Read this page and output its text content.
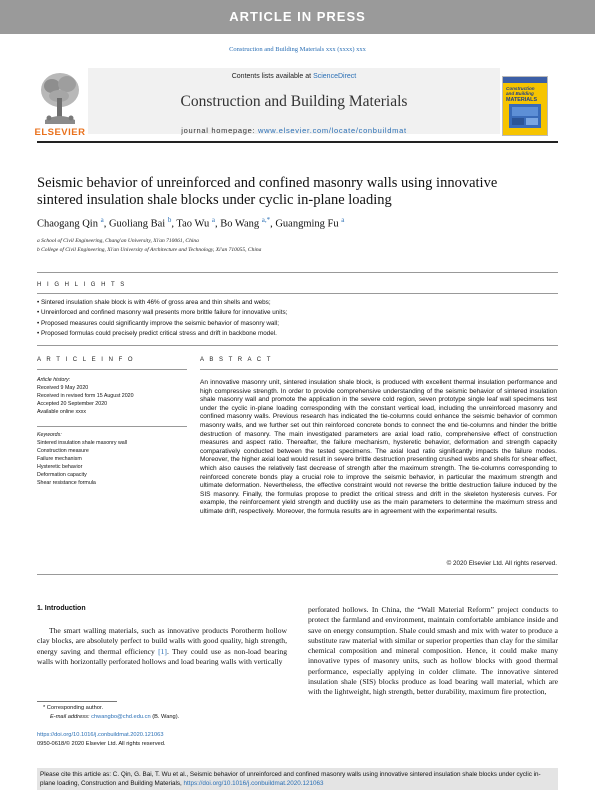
ARTICLE IN PRESS
Construction and Building Materials xxx (xxxx) xxx
Contents lists available at ScienceDirect
Construction and Building Materials
journal homepage: www.elsevier.com/locate/conbuildmat
ELSEVIER
Construction
and Building
MATERIALS
Seismic behavior of unreinforced and confined masonry walls using innovative sintered insulation shale blocks under cyclic in-plane loading
Chaogang Qin $^a$, Guoliang Bai $^b$, Tao Wu $^a$, Bo Wang $^{a,*}$, Guangming Fu $^a$
a School of Civil Engineering, Chang'an University, Xi'an 710061, China
b College of Civil Engineering, Xi'an University of Architecture and Technology, Xi'an 710055, China
H I G H L I G H T S
• Sintered insulation shale block is with 46% of gross area and thin shells and webs;
• Unreinforced and confined masonry wall presents more brittle failure for innovative units;
• Proposed measures could significantly improve the seismic behavior of masonry wall;
• Proposed formulas could precisely predict critical stress and drift in backbone model.
A R T I C L E I N F O	A B S T R A C T
Article history:
Received 9 May 2020
Received in revised form 15 August 2020
Accepted 20 September 2020
Available online xxxx
Keywords:
Sintered insulation shale masonry wall
Construction measure
Failure mechanism
Hysteretic behavior
Deformation capacity
Shear resistance formula
An innovative masonry unit, sintered insulation shale block, is produced with excellent thermal insulation performance and high compressive strength. In order to provide comprehensive understanding of the seismic behavior of sintered insulation shale masonry wall and promote the application in the severe cold region, seven prototype single leaf wall specimens test under the cyclic in-plane loading corresponding with the constant vertical load, including the unreinforced masonry and confined masonry walls. Previous research has indicated the tie-columns could enhance the seismic behavior of common masonry walls, and we further set out thin reinforced concrete bonds to connect the end tie-columns and hinder the brittle destruction of masonry. The main investigated parameters are axial load ratio, comprehensive effect of construction measures and aspect ratio. Thereafter, the failure mechanism, hysteretic behavior, deformation and strength capacity comparatively conducted between the tested specimens. The axial load ratio significantly impacts the failure modes. Moreover, the higher axial load would result in severe brittle destruction presenting crushed webs and shells for shear effect, which also causes the relatively fast decrease of strength after the maximum strength. The tie-columns corresponding to reinforced concrete bonds play a crucial role to improve the seismic behavior, in particular the maximum strength and ultimate deformation. Nevertheless, the effective constraint would not reverse the brittle destruction failure induced by the SIS masonry. Finally, the formulas propose to predict the critical stress and drift in the skeleton hysteresis curves. For example, the reinforcement yield strength and ductility use as the main parameters to determine the maximum stress and ultimate drift, respectively. Moreover, the formula results are in agreement with the experimental results.
© 2020 Elsevier Ltd. All rights reserved.
1. Introduction
The smart walling materials, such as innovative products Porotherm hollow clay blocks, are absolutely perfect to build walls with good quality, high strength, energy saving and thermal efficiency [1]. They could use as non-load bearing walls with horizontally perforated hollows and load bearing walls with vertically
perforated hollows. In China, the “Wall Material Reform” project conducts to protect the farmland and environment, maintain comfortable ambiance inside and save on energy consumption. Shale could smash and mix with water to produce a substitute raw material with similar or superior properties than clay for the similar chemical composition and mineral composition. Hence, it could make many innovative types of masonry units, such as hollow blocks with good thermal performance, especially applying in colder climate. The innovative sintered insulation shale (SIS) blocks produce as load bearing wall material, which are with the lightweight, high strength, better durability, maximum fire protection,
* Corresponding author.
E-mail address: chwangbo@chd.edu.cn (B. Wang).
https://doi.org/10.1016/j.conbuildmat.2020.121063
0950-0618/© 2020 Elsevier Ltd. All rights reserved.
Please cite this article as: C. Qin, G. Bai, T. Wu et al., Seismic behavior of unreinforced and confined masonry walls using innovative sintered insulation shale blocks under cyclic in-plane loading, Construction and Building Materials, https://doi.org/10.1016/j.conbuildmat.2020.121063
